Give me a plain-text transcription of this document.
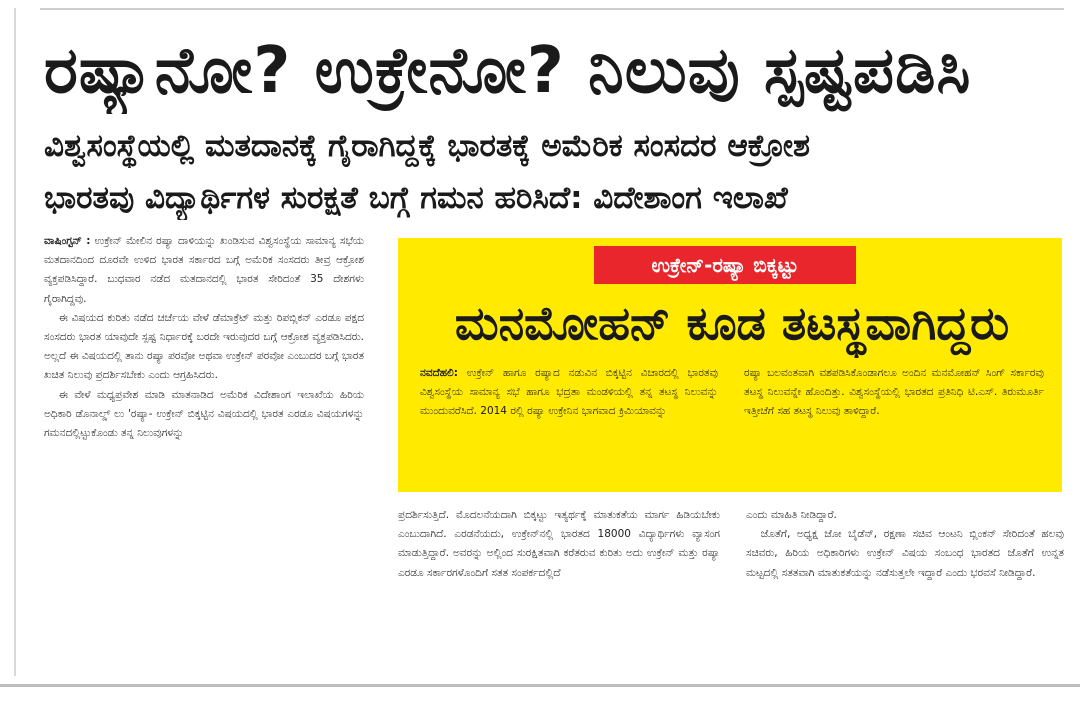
ರಷ್ಯಾನೋ? ಉಕ್ರೇನೋ? ನಿಲುವು ಸ್ಪಷ್ಟಪಡಿಸಿ
ವಿಶ್ವಸಂಸ್ಥೆಯಲ್ಲಿ ಮತದಾನಕ್ಕೆ ಗೈರಾಗಿದ್ದಕ್ಕೆ ಭಾರತಕ್ಕೆ ಅಮೆರಿಕ ಸಂಸದರ ಆಕ್ರೋಶ
ಭಾರತವು ವಿದ್ಯಾರ್ಥಿಗಳ ಸುರಕ್ಷತೆ ಬಗ್ಗೆ ಗಮನ ಹರಿಸಿದೆ: ವಿದೇಶಾಂಗ ಇಲಾಖೆ

ವಾಷಿಂಗ್ಟನ್ : ಉಕ್ರೇನ್ ಮೇಲಿನ ರಷ್ಯಾ ದಾಳಿಯನ್ನು ಖಂಡಿಸುವ ವಿಶ್ವಸಂಸ್ಥೆಯ ಸಾಮಾನ್ಯ ಸಭೆಯ ಮತದಾನದಿಂದ ದೂರವೇ ಉಳಿದ ಭಾರತ ಸರ್ಕಾರದ ಬಗ್ಗೆ ಅಮೆರಿಕ ಸಂಸದರು ತೀವ್ರ ಆಕ್ರೋಶ ವ್ಯಕ್ತಪಡಿಸಿದ್ದಾರೆ. ಬುಧವಾರ ನಡೆದ ಮತದಾನದಲ್ಲಿ ಭಾರತ ಸೇರಿದಂತೆ 35 ದೇಶಗಳು ಗೈರಾಗಿದ್ದವು.

ಈ ವಿಷಯದ ಕುರಿತು ನಡೆದ ಚರ್ಚೆಯ ವೇಳೆ ಡೆಮಾಕ್ರೆಟ್ ಮತ್ತು ರಿಪಬ್ಲಿಕನ್ ಎರಡೂ ಪಕ್ಷದ ಸಂಸದರು ಭಾರತ ಯಾವುದೇ ಸ್ಪಷ್ಟ ನಿರ್ಧಾರಕ್ಕೆ ಬರದೇ ಇರುವುದರ ಬಗ್ಗೆ ಆಕ್ರೋಶ ವ್ಯಕ್ತಪಡಿಸಿದರು. ಅಲ್ಲದೆ ಈ ವಿಷಯದಲ್ಲಿ ತಾನು ರಷ್ಯಾ ಪರವೋ ಅಥವಾ ಉಕ್ರೇನ್ ಪರವೋ ಎಂಬುದರ ಬಗ್ಗೆ ಭಾರತ ಖಚಿತ ನಿಲುವು ಪ್ರದರ್ಶಿಸಬೇಕು ಎಂದು ಆಗ್ರಹಿಸಿದರು.

ಈ ವೇಳೆ ಮಧ್ಯಪ್ರವೇಶ ಮಾಡಿ ಮಾತನಾಡಿದ ಅಮೆರಿಕ ವಿದೇಶಾಂಗ ಇಲಾಖೆಯ ಹಿರಿಯ ಅಧಿಕಾರಿ ಡೊನಾಲ್ಡ್ ಲು 'ರಷ್ಯಾ- ಉಕ್ರೇನ್ ಬಿಕ್ಕಟ್ಟಿನ ವಿಷಯದಲ್ಲಿ ಭಾರತ ಎರಡೂ ವಿಷಯಗಳನ್ನು ಗಮನದಲ್ಲಿಟ್ಟುಕೊಂಡು ತನ್ನ ನಿಲುವುಗಳನ್ನು

ಉಕ್ರೇನ್-ರಷ್ಯಾ ಬಿಕ್ಕಟ್ಟು
ಮನಮೋಹನ್ ಕೂಡ ತಟಸ್ಥವಾಗಿದ್ದರು

ನವದೆಹಲಿ: ಉಕ್ರೇನ್ ಹಾಗೂ ರಷ್ಯಾದ ನಡುವಿನ ಬಿಕ್ಕಟ್ಟಿನ ವಿಚಾರದಲ್ಲಿ ಭಾರತವು ವಿಶ್ವಸಂಸ್ಥೆಯ ಸಾಮಾನ್ಯ ಸಭೆ ಹಾಗೂ ಭದ್ರತಾ ಮಂಡಳಿಯಲ್ಲಿ ತನ್ನ ತಟಸ್ಥ ನಿಲುವನ್ನು ಮುಂದುವರೆಸಿದೆ. 2014 ರಲ್ಲಿ ರಷ್ಯಾ ಉಕ್ರೇನಿನ ಭಾಗವಾದ ಕ್ರಿಮಿಯಾವನ್ನು

ರಷ್ಯಾ ಬಲವಂತವಾಗಿ ವಶಪಡಿಸಿಕೊಂಡಾಗಲೂ ಅಂದಿನ ಮನಮೋಹನ್ ಸಿಂಗ್ ಸರ್ಕಾರವು ತಟಸ್ಥ ನಿಲುವನ್ನೇ ಹೊಂದಿತ್ತು. ವಿಶ್ವಸಂಸ್ಥೆಯಲ್ಲಿ ಭಾರತದ ಪ್ರತಿನಿಧಿ ಟಿ.ಎಸ್. ತಿರುಮೂರ್ತಿ ಇತ್ತೀಚೆಗೆ ಸಹ ತಟಸ್ಥ ನಿಲುವು ತಾಳಿದ್ದಾರೆ.

ಪ್ರದರ್ಶಿಸುತ್ತಿದೆ. ಮೊದಲನೆಯದಾಗಿ ಬಿಕ್ಕಟ್ಟು ಇತ್ಯರ್ಥಕ್ಕೆ ಮಾತುಕತೆಯ ಮಾರ್ಗ ಹಿಡಿಯಬೇಕು ಎಂಬುದಾಗಿದೆ. ಎರಡನೆಯದು, ಉಕ್ರೇನ್‌ನಲ್ಲಿ ಭಾರತದ 18000 ವಿದ್ಯಾರ್ಥಿಗಳು ವ್ಯಾಸಂಗ ಮಾಡುತ್ತಿದ್ದಾರೆ. ಅವರನ್ನು ಅಲ್ಲಿಂದ ಸುರಕ್ಷಿತವಾಗಿ ಕರೆತರುವ ಕುರಿತು ಅದು ಉಕ್ರೇನ್ ಮತ್ತು ರಷ್ಯಾ ಎರಡೂ ಸರ್ಕಾರಗಳೊಂದಿಗೆ ಸತತ ಸಂಪರ್ಕದಲ್ಲಿದೆ

ಎಂದು ಮಾಹಿತಿ ನೀಡಿದ್ದಾರೆ.

ಜೊತೆಗೆ, ಅಧ್ಯಕ್ಷ ಜೋ ಬೈಡೆನ್, ರಕ್ಷಣಾ ಸಚಿವ ಆಂಟನಿ ಬ್ಲಿಂಕನ್ ಸೇರಿದಂತೆ ಹಲವು ಸಚಿವರು, ಹಿರಿಯ ಅಧಿಕಾರಿಗಳು ಉಕ್ರೇನ್ ವಿಷಯ ಸಂಬಂಧ ಭಾರತದ ಜೊತೆಗೆ ಉನ್ನತ ಮಟ್ಟದಲ್ಲಿ ಸತತವಾಗಿ ಮಾತುಕತೆಯನ್ನು ನಡೆಸುತ್ತಲೇ ಇದ್ದಾರೆ ಎಂದು ಭರವಸೆ ನೀಡಿದ್ದಾರೆ.
